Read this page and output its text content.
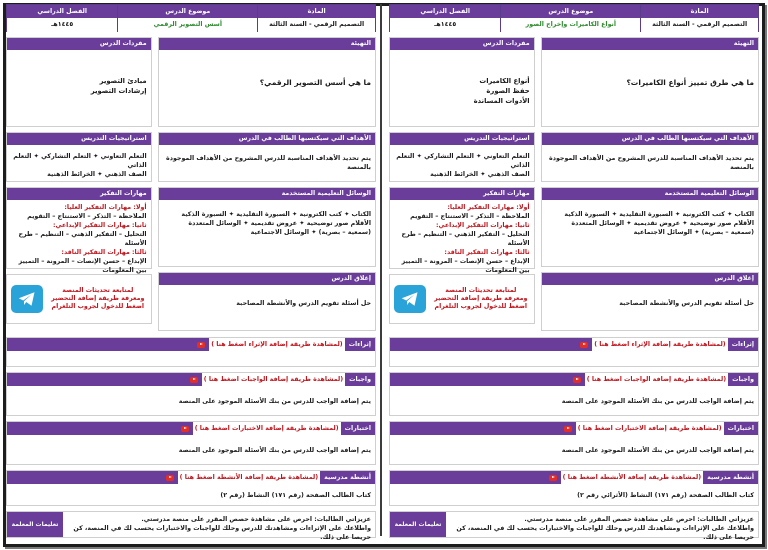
المادة
التصميم الرقمي - السنة الثالثة
موضوع الدرس
أسس التصوير الرقمي
الفصل الدراسي
١٤٤٥هـ
التهيئة
ما هي أسس التصوير الرقمي؟
مفردات الدرس
مبادئ التصوير
إرشادات التصوير
الأهداف التي سيكتسبها الطالب في الدرس
يتم تحديد الأهداف المناسبة للدرس المشروح من الأهداف الموجودة بالمنصة
استراتيجيات التدريس
التعلم التعاوني ✦ التعلم التشاركي ✦ التعلم الذاتي
الصف الذهني ✦ الخرائط الذهنية
الوسائل التعليمية المستخدمة
الكتاب ✦ كتب الكترونية ✦ السبورة التقليدية ✦ السبورة الذكية
الأقلام صور توضيحية ✦ عروض تقديمية ✦ الوسائل المتعددة
(سمعية – بصرية) ✦ الوسائل الاجتماعية
إغلاق الدرس
حل أسئلة تقويم الدرس والأنشطة المصاحبة
مهارات التفكير
أولا: مهارات التفكير العليا:
الملاحظة – التذكر – الاستنتاج – التقويم
ثانيا: مهارات التفكير الإبداعي:
التحليل – التفكير الذهني – التنظيم – طرح الأسئلة
ثالثا: مهارات التفكير الناقد:
الإبداع – حسن الإنصات – المرونة – التمييز بين المعلومات
لمتابعة تحديثات المنصة
ومعرفة طريقة إضافة التحضير
اضغط للدخول لجروب التلغرام
إثراءات
(لمشاهدة طريقة إضافة الإثراء اضغط هنا )
واجبات
(لمشاهدة طريقة إضافة الواجبات اضغط هنا )
يتم إضافة الواجب للدرس من بنك الأسئلة الموجود على المنصة
اختبارات
(لمشاهدة طريقة إضافة الاختبارات اضغط هنا )
يتم إضافة الواجب للدرس من بنك الأسئلة الموجود على المنصة
أنشطة مدرسية
(لمشاهدة طريقة إضافة الأنشطة اضغط هنا )
كتاب الطالب الصفحة (رقم ١٧١) النشاط (رقم ٢)
عزيزاتي الطالبات: احرص على مشاهدة حصص المقرر على منصة مدرستي.
واطلاعك على الإثراءات ومشاهدتك للدرس وحلك للواجبات والاختبارات يحسب لك في المنصة، كن حريصا على ذلك.
تعليمات المعلمة
المادة
التصميم الرقمي - السنة الثالثة
موضوع الدرس
أنواع الكاميرات وإخراج الصور
الفصل الدراسي
١٤٤٥هـ
التهيئة
ما هي طرق تمييز أنواع الكاميرات؟
مفردات الدرس
أنواع الكاميرات
حفظ الصورة
الأدوات المساندة
الأهداف التي سيكتسبها الطالب في الدرس
يتم تحديد الأهداف المناسبة للدرس المشروح من الأهداف الموجودة بالمنصة
استراتيجيات التدريس
التعلم التعاوني ✦ التعلم التشاركي ✦ التعلم الذاتي
الصف الذهني ✦ الخرائط الذهنية
الوسائل التعليمية المستخدمة
الكتاب ✦ كتب الكترونية ✦ السبورة التقليدية ✦ السبورة الذكية
الأقلام صور توضيحية ✦ عروض تقديمية ✦ الوسائل المتعددة
(سمعية – بصرية) ✦ الوسائل الاجتماعية
إغلاق الدرس
حل أسئلة تقويم الدرس والأنشطة المصاحبة
مهارات التفكير
أولا: مهارات التفكير العليا:
الملاحظة – التذكر – الاستنتاج – التقويم
ثانيا: مهارات التفكير الإبداعي:
التحليل – التفكير الذهني – التنظيم – طرح الأسئلة
ثالثا: مهارات التفكير الناقد:
الإبداع – حسن الإنصات – المرونة – التمييز بين المعلومات
لمتابعة تحديثات المنصة
ومعرفة طريقة إضافة التحضير
اضغط للدخول لجروب التلغرام
إثراءات
(لمشاهدة طريقة إضافة الإثراء اضغط هنا )
واجبات
(لمشاهدة طريقة إضافة الواجبات اضغط هنا )
يتم إضافة الواجب للدرس من بنك الأسئلة الموجود على المنصة
اختبارات
(لمشاهدة طريقة إضافة الاختبارات اضغط هنا )
يتم إضافة الواجب للدرس من بنك الأسئلة الموجود على المنصة
أنشطة مدرسية
(لمشاهدة طريقة إضافة الأنشطة اضغط هنا )
كتاب الطالب الصفحة (رقم ١٧١) النشاط (الأثرائي رقم ٢)
عزيزاتي الطالبات: احرص على مشاهدة حصص المقرر على منصة مدرستي.
واطلاعك على الإثراءات ومشاهدتك للدرس وحلك للواجبات والاختبارات يحسب لك في المنصة، كن حريصا على ذلك.
تعليمات المعلمة
